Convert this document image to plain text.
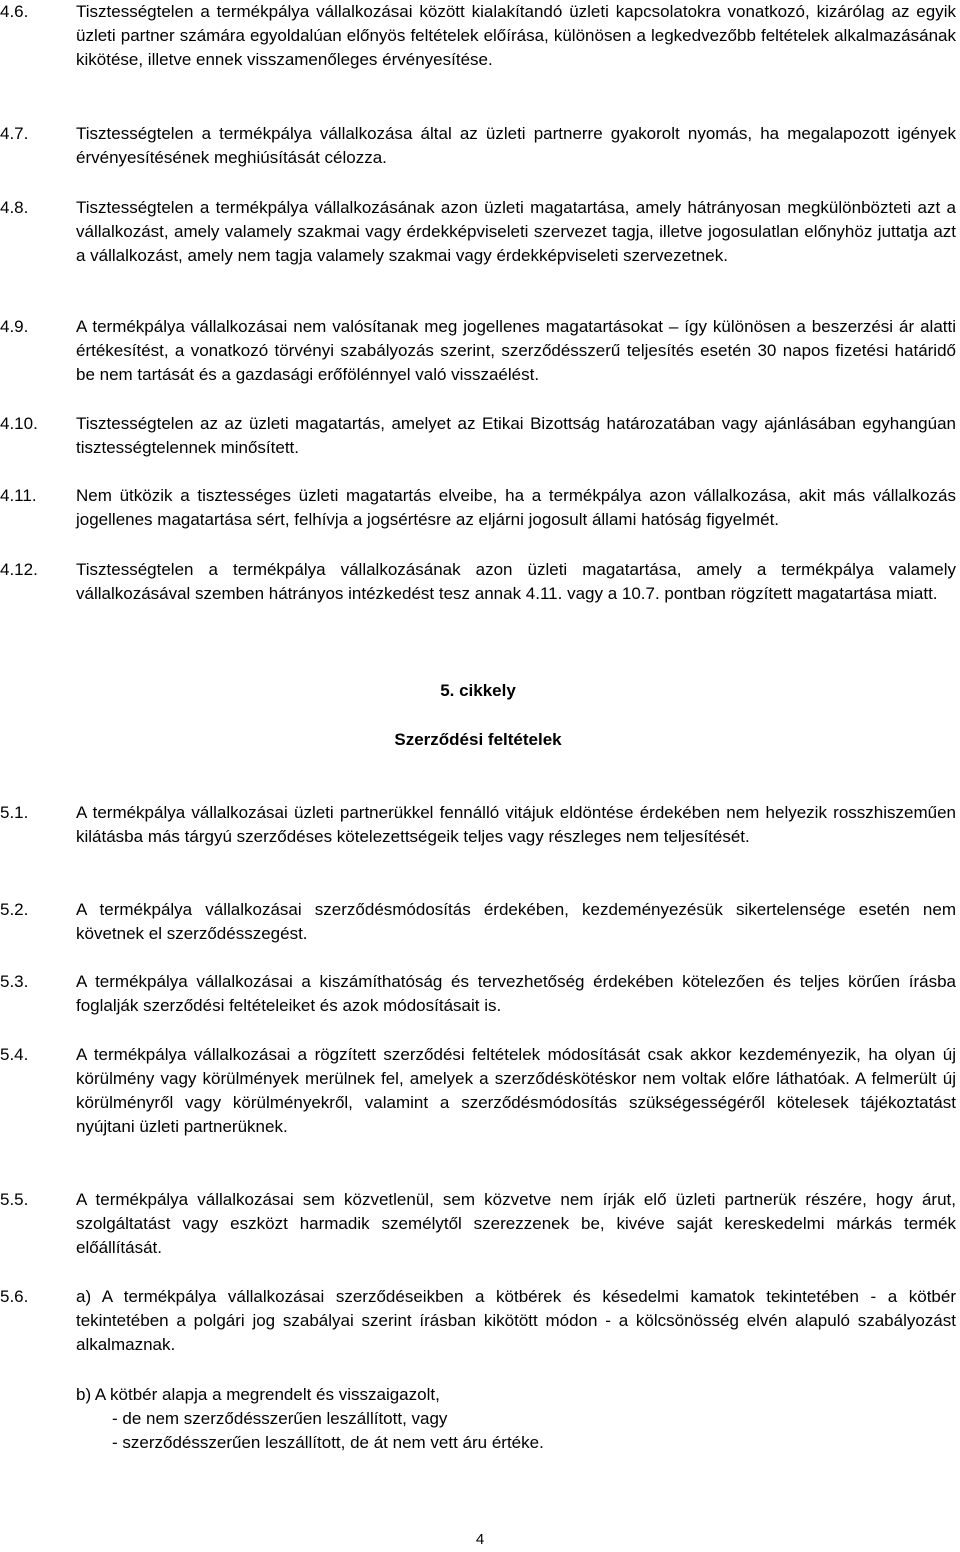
4.6.	Tisztességtelen a termékpálya vállalkozásai között kialakítandó üzleti kapcsolatokra vonatkozó, kizárólag az egyik üzleti partner számára egyoldalúan előnyös feltételek előírása, különösen a legkedvezőbb feltételek alkalmazásának kikötése, illetve ennek visszamenőleges érvényesítése.
4.7.	Tisztességtelen a termékpálya vállalkozása által az üzleti partnerre gyakorolt nyomás, ha megalapozott igények érvényesítésének meghiúsítását célozza.
4.8.	Tisztességtelen a termékpálya vállalkozásának azon üzleti magatartása, amely hátrányosan megkülönbözteti azt a vállalkozást, amely valamely szakmai vagy érdekképviseleti szervezet tagja, illetve jogosulatlan előnyhöz juttatja azt a vállalkozást, amely nem tagja valamely szakmai vagy érdekképviseleti szervezetnek.
4.9.	A termékpálya vállalkozásai nem valósítanak meg jogellenes magatartásokat – így különösen a beszerzési ár alatti értékesítést, a vonatkozó törvényi szabályozás szerint, szerződésszerű teljesítés esetén 30 napos fizetési határidő be nem tartását és a gazdasági erőfölénnyel való visszaélést.
4.10.	Tisztességtelen az az üzleti magatartás, amelyet az Etikai Bizottság határozatában vagy ajánlásában egyhangúan tisztességtelennek minősített.
4.11.	Nem ütközik a tisztességes üzleti magatartás elveibe, ha a termékpálya azon vállalkozása, akit más vállalkozás jogellenes magatartása sért, felhívja a jogsértésre az eljárni jogosult állami hatóság figyelmét.
4.12.	Tisztességtelen a termékpálya vállalkozásának azon üzleti magatartása, amely a termékpálya valamely vállalkozásával szemben hátrányos intézkedést tesz annak 4.11. vagy a 10.7. pontban rögzített magatartása miatt.
5. cikkely
Szerződési feltételek
5.1.	A termékpálya vállalkozásai üzleti partnerükkel fennálló vitájuk eldöntése érdekében nem helyezik rosszhiszeműen kilátásba más tárgyú szerződéses kötelezettségeik teljes vagy részleges nem teljesítését.
5.2.	A termékpálya vállalkozásai szerződésmódosítás érdekében, kezdeményezésük sikertelensége esetén nem követnek el szerződésszegést.
5.3.	A termékpálya vállalkozásai a kiszámíthatóság és tervezhetőség érdekében kötelezően és teljes körűen írásba foglalják szerződési feltételeiket és azok módosításait is.
5.4.	A termékpálya vállalkozásai a rögzített szerződési feltételek módosítását csak akkor kezdeményezik, ha olyan új körülmény vagy körülmények merülnek fel, amelyek a szerződéskötéskor nem voltak előre láthatóak. A felmerült új körülményről vagy körülményekről, valamint a szerződésmódosítás szükségességéről kötelesek tájékoztatást nyújtani üzleti partnerüknek.
5.5.	A termékpálya vállalkozásai sem közvetlenül, sem közvetve nem írják elő üzleti partnerük részére, hogy árut, szolgáltatást vagy eszközt harmadik személytől szerezzenek be, kivéve saját kereskedelmi márkás termék előállítását.
5.6.	a) A termékpálya vállalkozásai szerződéseikben a kötbérek és késedelmi kamatok tekintetében - a kötbér tekintetében a polgári jog szabályai szerint írásban kikötött módon - a kölcsönösség elvén alapuló szabályozást alkalmaznak.
b) A kötbér alapja a megrendelt és visszaigazolt,
- de nem szerződésszerűen leszállított, vagy
- szerződésszerűen leszállított, de át nem vett áru értéke.
4
